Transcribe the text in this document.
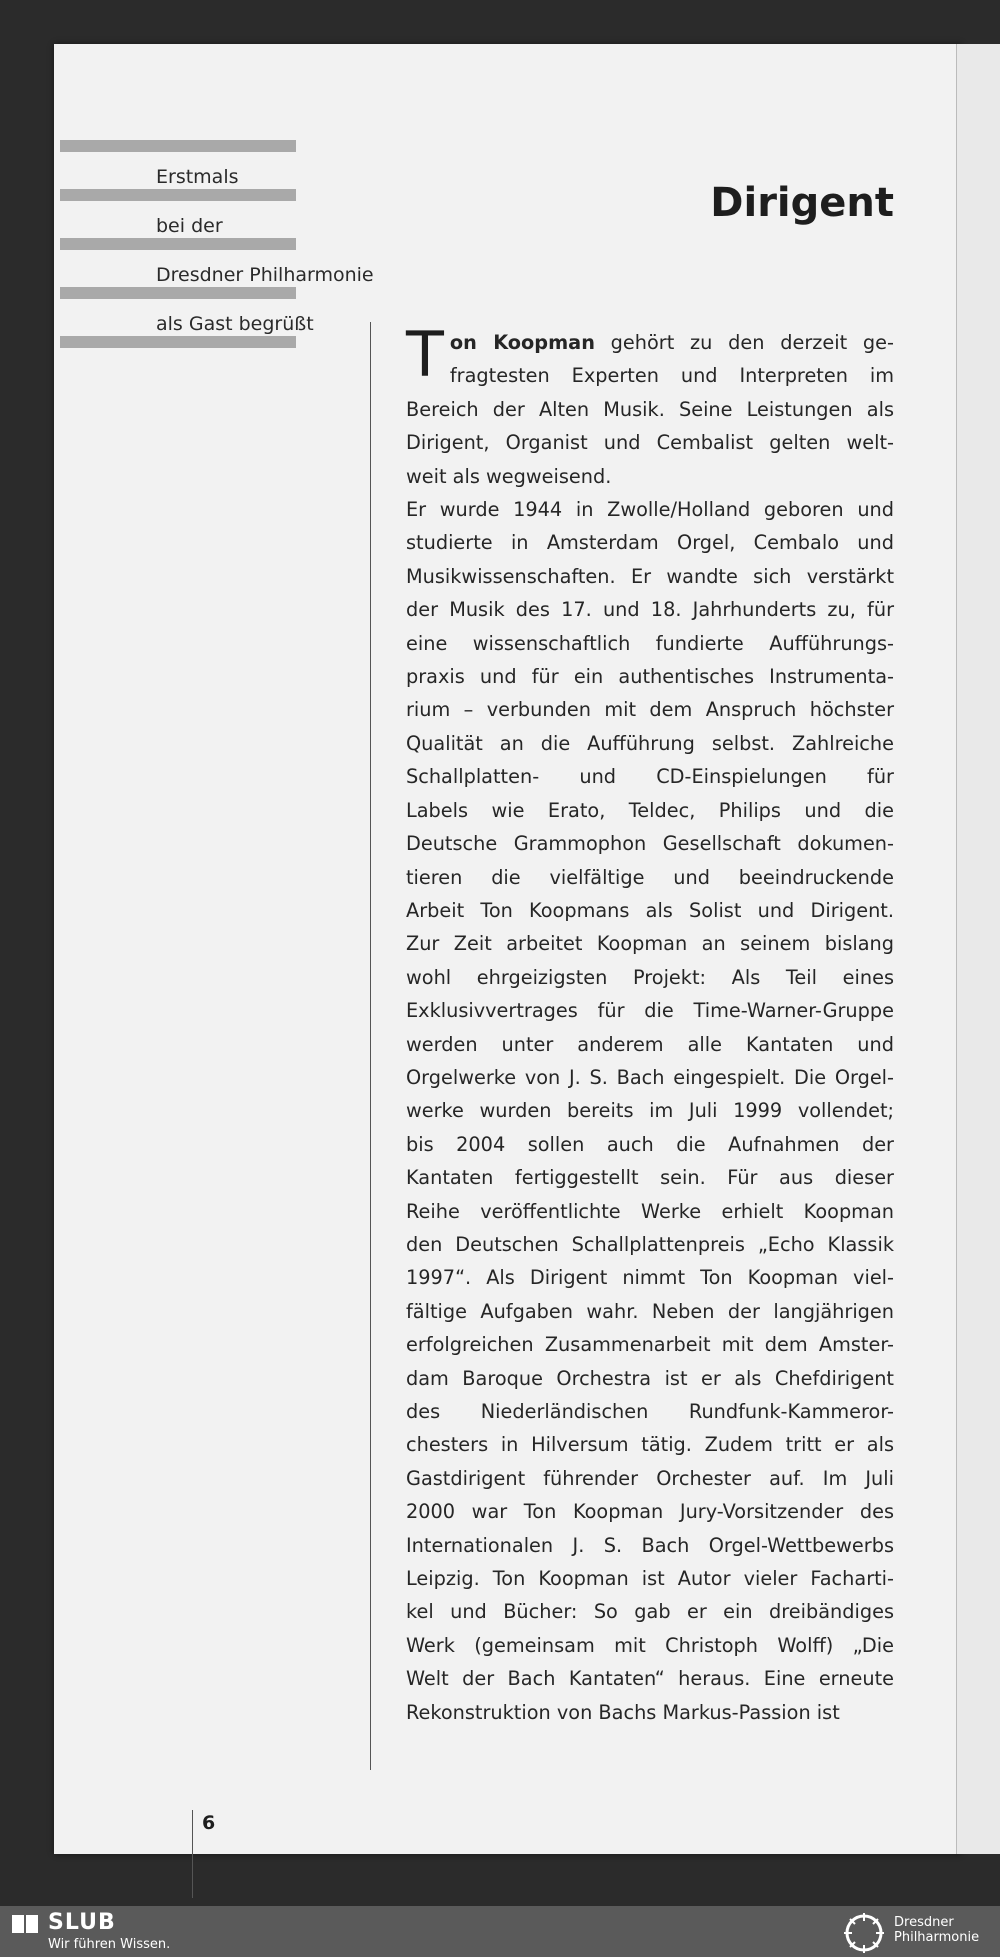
Erstmals
bei der
Dresdner Philharmonie
als Gast begrüßt
Dirigent
T on Koopman gehört zu den derzeit ge-
fragtesten Experten und Interpreten im
Bereich der Alten Musik. Seine Leistungen als
Dirigent, Organist und Cembalist gelten welt-
weit als wegweisend.
Er wurde 1944 in Zwolle/Holland geboren und
studierte in Amsterdam Orgel, Cembalo und
Musikwissenschaften. Er wandte sich verstärkt
der Musik des 17. und 18. Jahrhunderts zu, für
eine wissenschaftlich fundierte Aufführungs-
praxis und für ein authentisches Instrumenta-
rium – verbunden mit dem Anspruch höchster
Qualität an die Aufführung selbst. Zahlreiche
Schallplatten- und CD-Einspielungen für
Labels wie Erato, Teldec, Philips und die
Deutsche Grammophon Gesellschaft dokumen-
tieren die vielfältige und beeindruckende
Arbeit Ton Koopmans als Solist und Dirigent.
Zur Zeit arbeitet Koopman an seinem bislang
wohl ehrgeizigsten Projekt: Als Teil eines
Exklusivvertrages für die Time-Warner-Gruppe
werden unter anderem alle Kantaten und
Orgelwerke von J. S. Bach eingespielt. Die Orgel-
werke wurden bereits im Juli 1999 vollendet;
bis 2004 sollen auch die Aufnahmen der
Kantaten fertiggestellt sein. Für aus dieser
Reihe veröffentlichte Werke erhielt Koopman
den Deutschen Schallplattenpreis „Echo Klassik
1997“. Als Dirigent nimmt Ton Koopman viel-
fältige Aufgaben wahr. Neben der langjährigen
erfolgreichen Zusammenarbeit mit dem Amster-
dam Baroque Orchestra ist er als Chefdirigent
des Niederländischen Rundfunk-Kammeror-
chesters in Hilversum tätig. Zudem tritt er als
Gastdirigent führender Orchester auf. Im Juli
2000 war Ton Koopman Jury-Vorsitzender des
Internationalen J. S. Bach Orgel-Wettbewerbs
Leipzig. Ton Koopman ist Autor vieler Facharti-
kel und Bücher: So gab er ein dreibändiges
Werk (gemeinsam mit Christoph Wolff) „Die
Welt der Bach Kantaten“ heraus. Eine erneute
Rekonstruktion von Bachs Markus-Passion ist
6
SLUB
Wir führen Wissen.
Dresdner
Philharmonie
